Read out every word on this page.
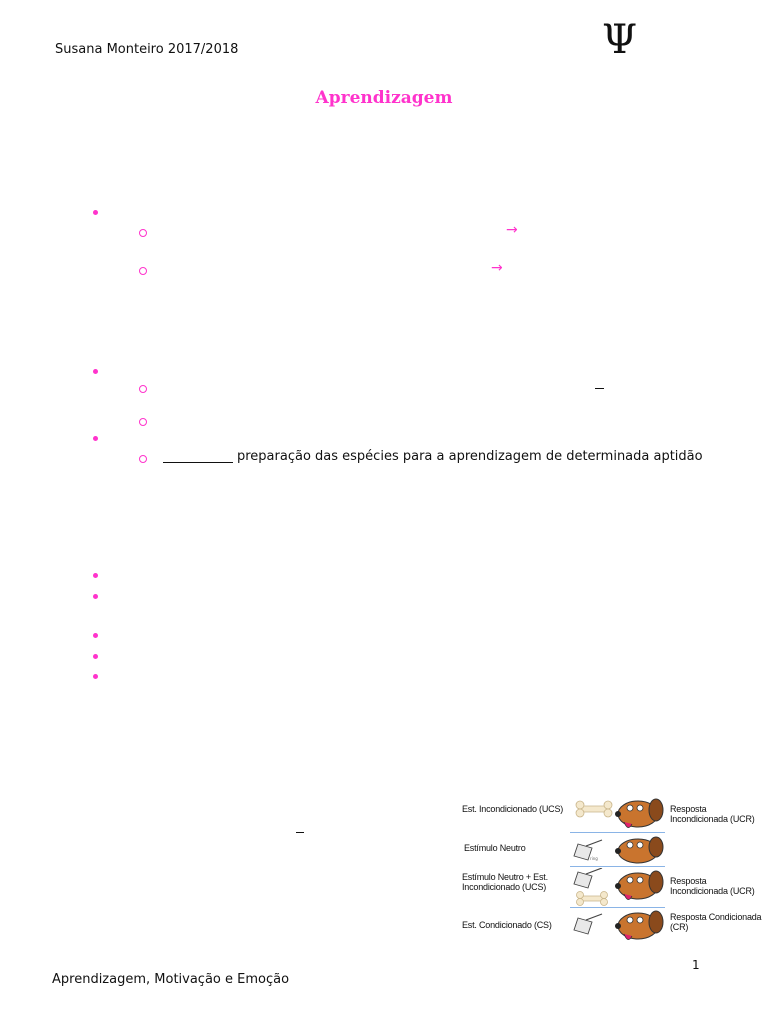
Susana Monteiro 2017/2018	Ψ
Aprendizagem
→
→
preparação das espécies para a aprendizagem de determinada aptidão
Est. Incondicionado (UCS)	Resposta Incondicionada (UCR)
Estímulo Neutro
ring
Estímulo Neutro + Est. Incondicionado (UCS)
Resposta Incondicionada (UCR)
Est. Condicionado (CS)
Resposta Condicionada (CR)
1
Aprendizagem, Motivação e Emoção
